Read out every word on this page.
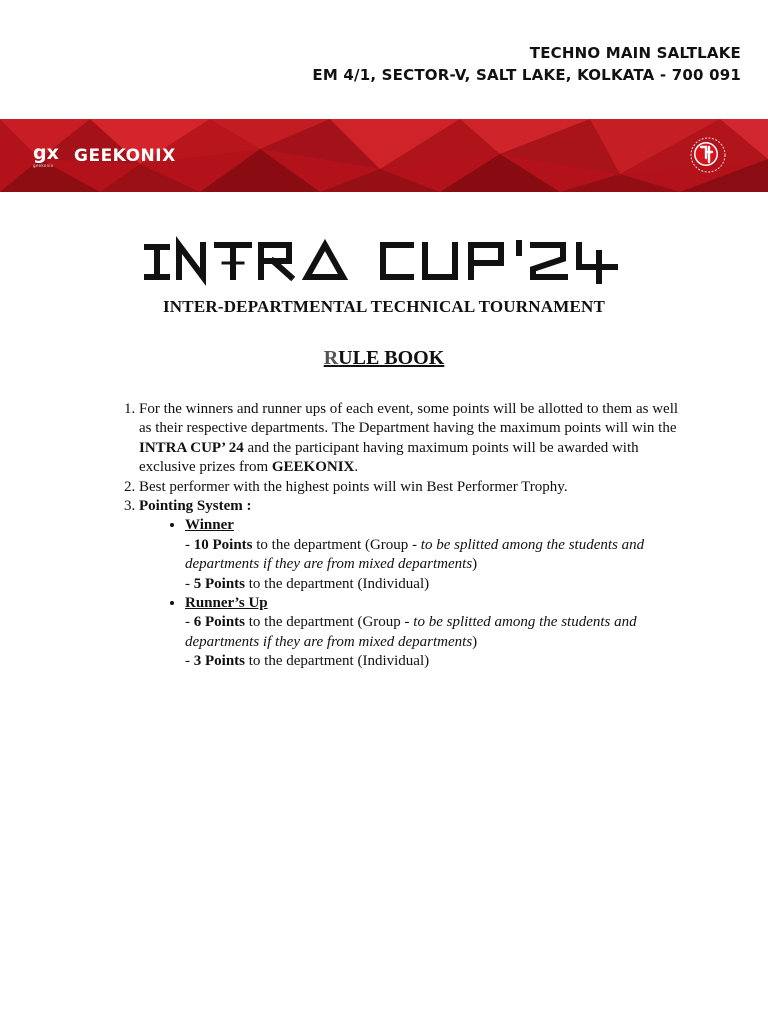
TECHNO MAIN SALTLAKE
EM 4/1, SECTOR-V, SALT LAKE, KOLKATA - 700 091
gx
geekonix	GEEKONIX
INTER-DEPARTMENTAL TECHNICAL TOURNAMENT
RULE BOOK
1. For the winners and runner ups of each event, some points will be allotted to them as well as their respective departments. The Department having the maximum points will win the INTRA CUP’ 24 and the participant having maximum points will be awarded with exclusive prizes from GEEKONIX.
2. Best performer with the highest points will win Best Performer Trophy.
3. Pointing System :
• Winner
- 10 Points to the department (Group - to be splitted among the students and departments if they are from mixed departments)
- 5 Points to the department (Individual)
• Runner’s Up
- 6 Points to the department (Group - to be splitted among the students and departments if they are from mixed departments)
- 3 Points to the department (Individual)
